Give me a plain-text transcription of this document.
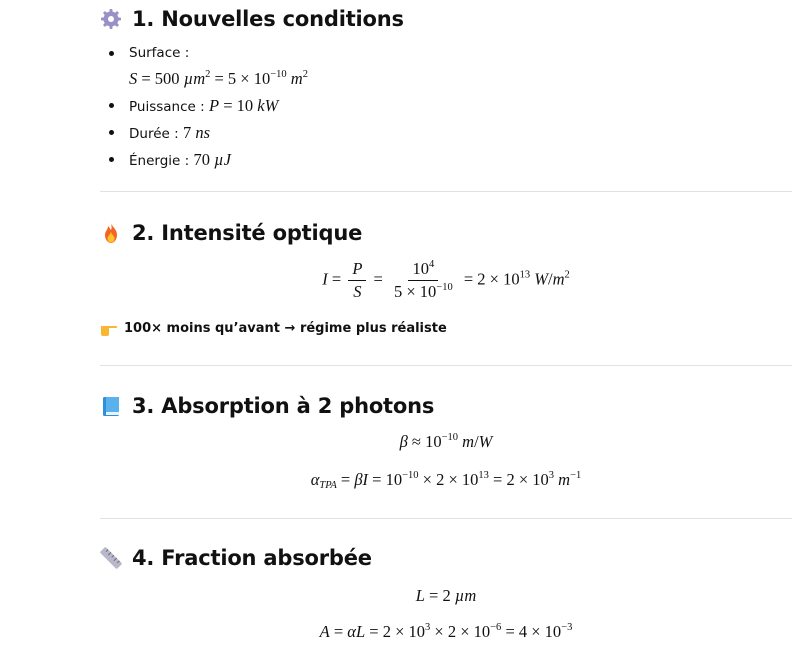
1. Nouvelles conditions
Surface :
S = 500 $\mu m^2 = 5 \times 10^{-10}$ $m^2$
Puissance : P = 10 kW
Durée : 7 ns
Énergie : 70 µJ
2. Intensité optique
$I = \frac{P}{S} = \frac{10^4}{5 \times 10^{-10}} = 2 \times 10^{13}$ $W/m^2$
100× moins qu’avant → régime plus réaliste
3. Absorption à 2 photons
$\beta \approx 10^{-10}$ m/W
$\alpha_{TPA} = \beta I = 10^{-10} \times 2 \times 10^{13} = 2 \times 10^3$ $m^{-1}$
4. Fraction absorbée
L = 2 µm
$A = \alpha L = 2 \times 10^3 \times 2 \times 10^{-6} = 4 \times 10^{-3}$
